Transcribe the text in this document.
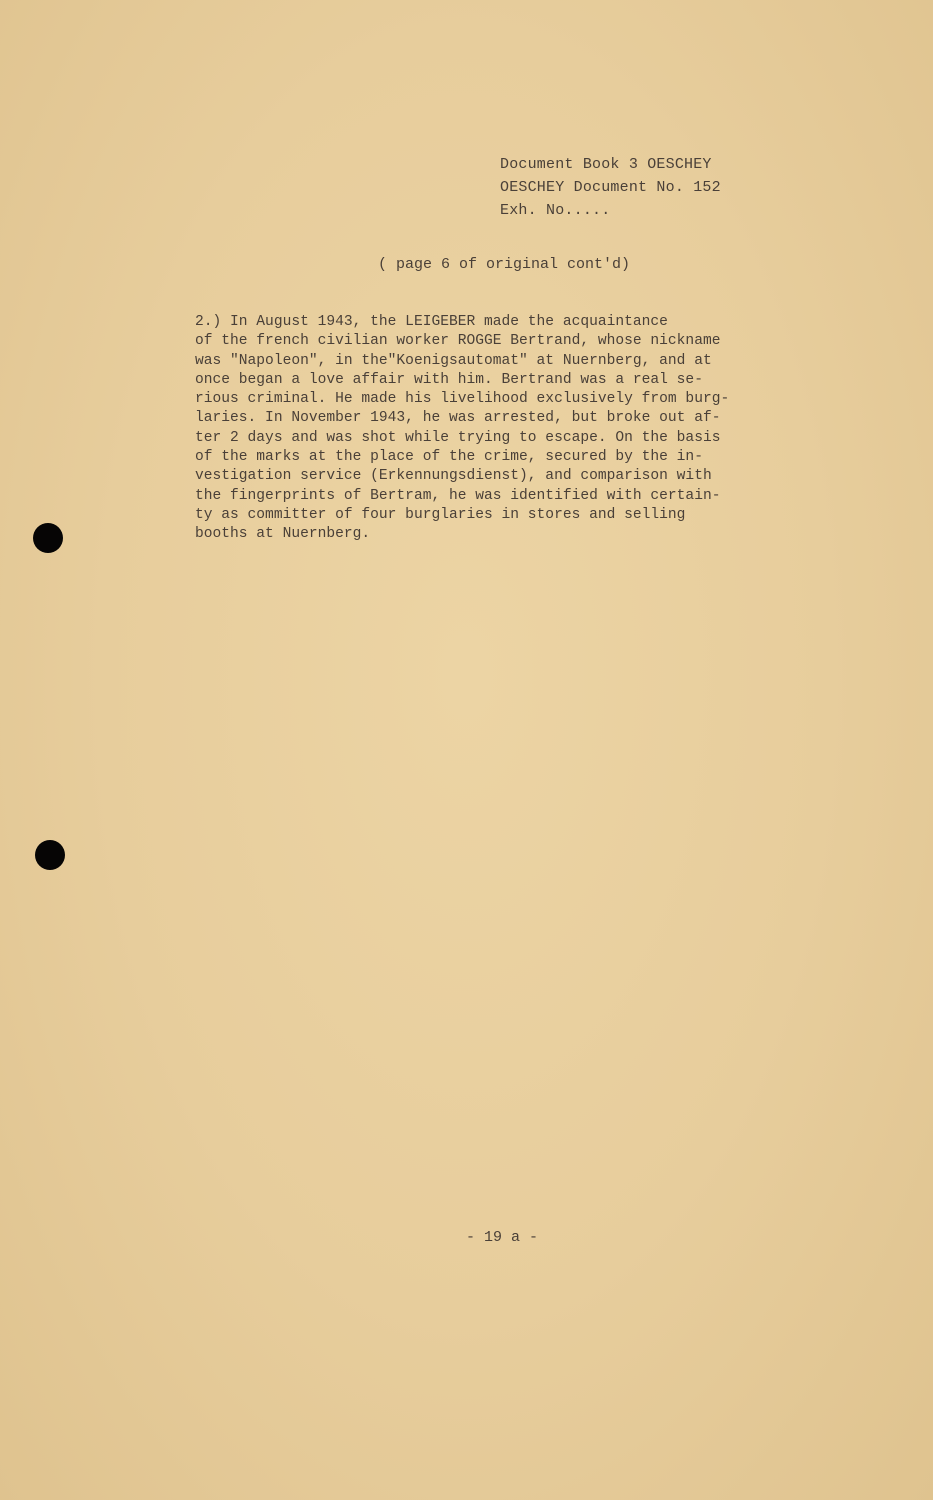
Document Book 3 OESCHEY
OESCHEY Document No. 152
Exh. No.....
( page 6 of original cont'd)
2.) In August 1943, the LEIGEBER made the acquaintance
of the french civilian worker ROGGE Bertrand, whose nickname
was "Napoleon", in the"Koenigsautomat" at Nuernberg, and at
once began a love affair with him. Bertrand was a real se-
rious criminal. He made his livelihood exclusively from burg-
laries. In November 1943, he was arrested, but broke out af-
ter 2 days and was shot while trying to escape. On the basis
of the marks at the place of the crime, secured by the in-
vestigation service (Erkennungsdienst), and comparison with
the fingerprints of Bertram, he was identified with certain-
ty as committer of four burglaries in stores and selling
booths at Nuernberg.
- 19 a -
